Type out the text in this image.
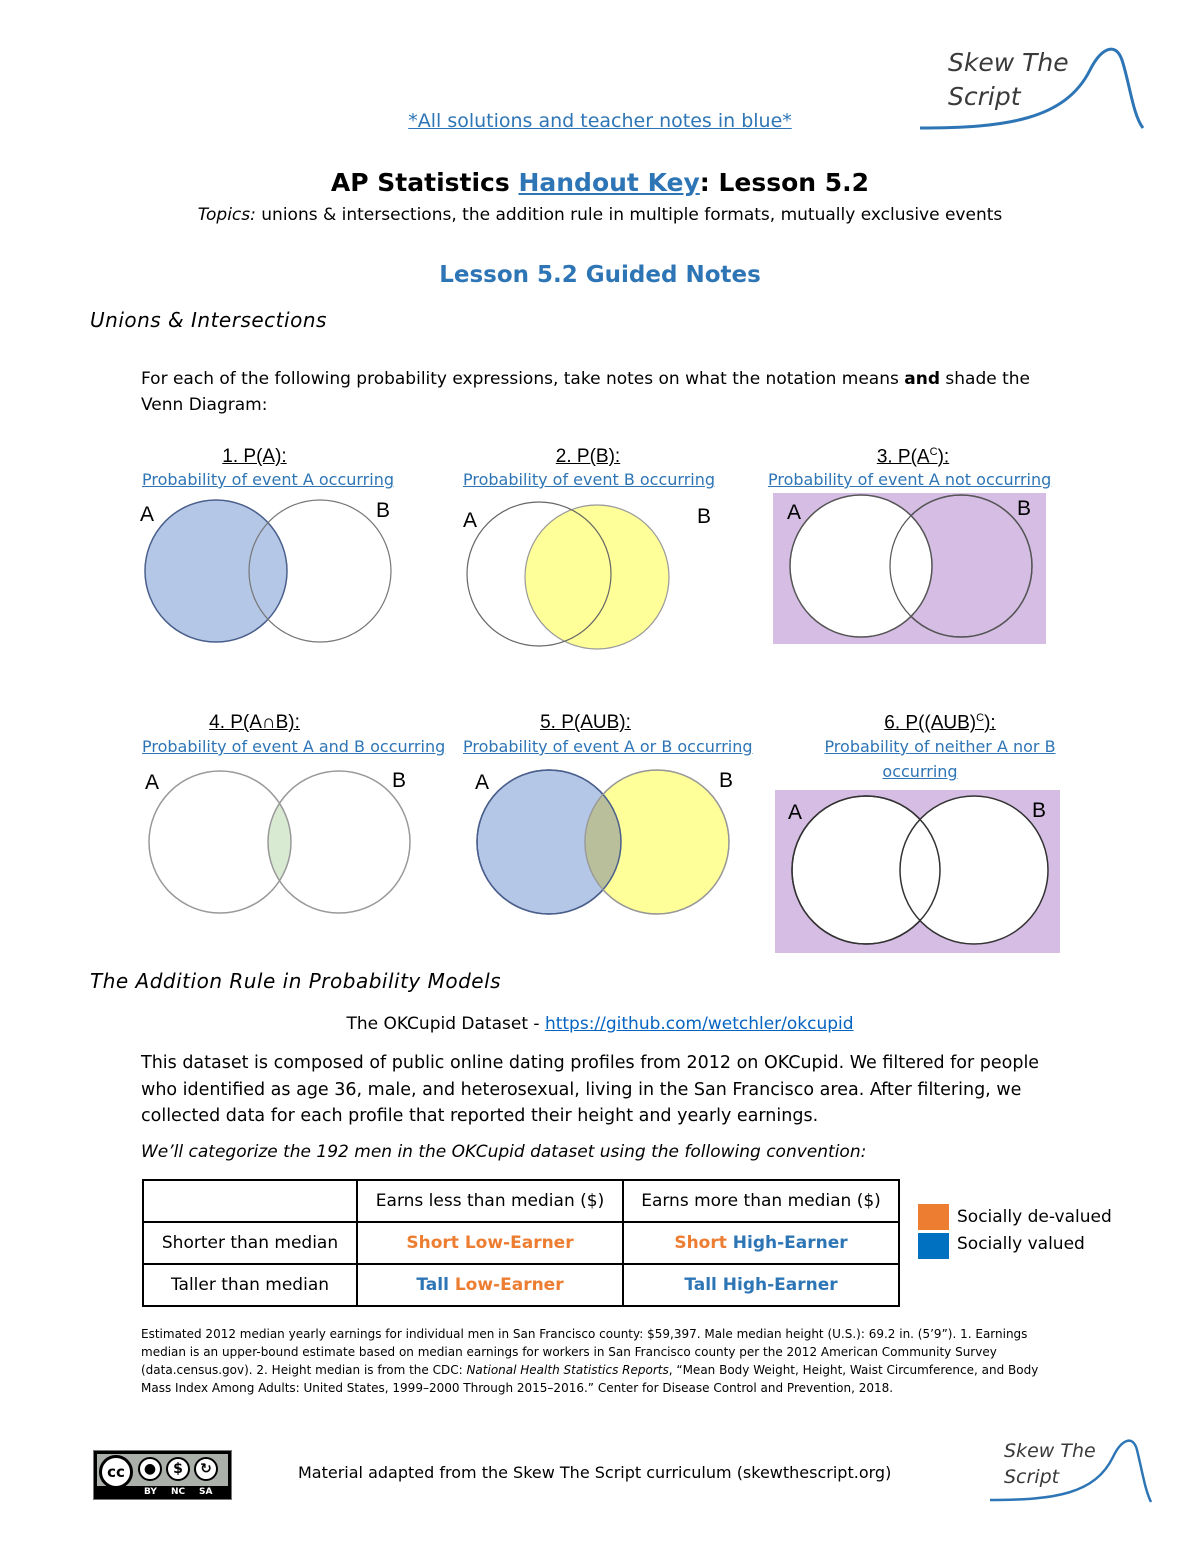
Skew The
Script
*All solutions and teacher notes in blue*
AP Statistics Handout Key: Lesson 5.2
Topics: unions & intersections, the addition rule in multiple formats, mutually exclusive events
Lesson 5.2 Guided Notes
Unions & Intersections
For each of the following probability expressions, take notes on what the notation means and shade the Venn Diagram:
1. P(A):
Probability of event A occurring
A	B
2. P(B):
Probability of event B occurring
A	B
3. $P(A^C)$:
Probability of event A not occurring
A	B
4. P(A∩B):
Probability of event A and B occurring
A	B
5. P(AUB):
Probability of event A or B occurring
A	B
6. P((AUB)$^C$):
Probability of neither A nor B
occurring
A	B
The Addition Rule in Probability Models
The OKCupid Dataset - https://github.com/wetchler/okcupid
This dataset is composed of public online dating profiles from 2012 on OKCupid. We filtered for people
who identified as age 36, male, and heterosexual, living in the San Francisco area. After filtering, we
collected data for each profile that reported their height and yearly earnings.
We’ll categorize the 192 men in the OKCupid dataset using the following convention:
	Earns less than median ($)	Earns more than median ($)
Shorter than median	Short Low-Earner	Short High-Earner
Taller than median	Tall Low-Earner	Tall High-Earner
Socially de-valued
Socially valued
Estimated 2012 median yearly earnings for individual men in San Francisco county: $59,397. Male median height (U.S.): 69.2 in. (5’9”). 1. Earnings
median is an upper-bound estimate based on median earnings for workers in San Francisco county per the 2012 American Community Survey
(data.census.gov). 2. Height median is from the CDC: National Health Statistics Reports, “Mean Body Weight, Height, Waist Circumference, and Body
Mass Index Among Adults: United States, 1999–2000 Through 2015–2016.” Center for Disease Control and Prevention, 2018.
cc	●	$	↻
BY NC SA
Material adapted from the Skew The Script curriculum (skewthescript.org)
Skew The
Script
